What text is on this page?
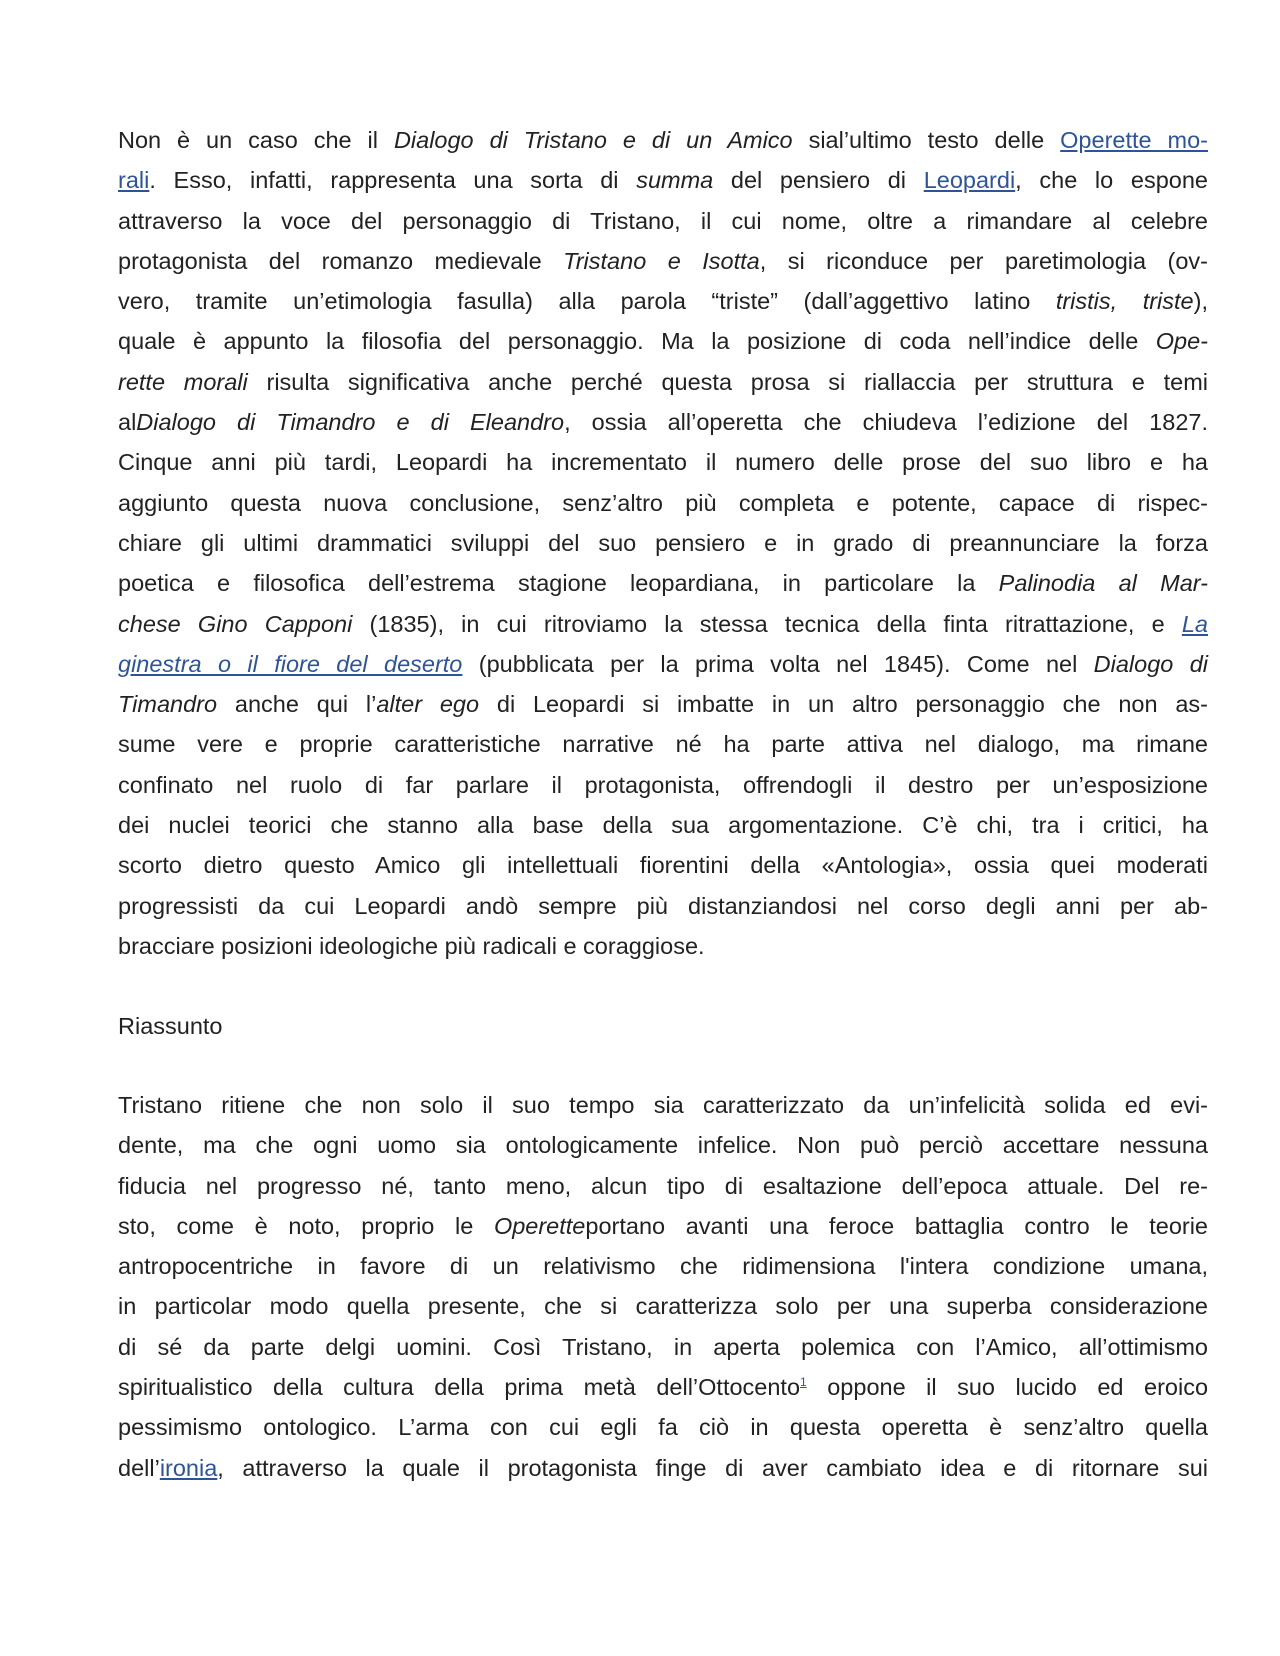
Non è un caso che il Dialogo di Tristano e di un Amico sial’ultimo testo delle Operette mo-
rali. Esso, infatti, rappresenta una sorta di summa del pensiero di Leopardi, che lo espone
attraverso la voce del personaggio di Tristano, il cui nome, oltre a rimandare al celebre
protagonista del romanzo medievale Tristano e Isotta, si riconduce per paretimologia (ov-
vero, tramite un’etimologia fasulla) alla parola “triste” (dall’aggettivo latino tristis, triste),
quale è appunto la filosofia del personaggio. Ma la posizione di coda nell’indice delle Ope-
rette morali risulta significativa anche perché questa prosa si riallaccia per struttura e temi
alDialogo di Timandro e di Eleandro, ossia all’operetta che chiudeva l’edizione del 1827.
Cinque anni più tardi, Leopardi ha incrementato il numero delle prose del suo libro e ha
aggiunto questa nuova conclusione, senz’altro più completa e potente, capace di rispec-
chiare gli ultimi drammatici sviluppi del suo pensiero e in grado di preannunciare la forza
poetica e filosofica dell’estrema stagione leopardiana, in particolare la Palinodia al Mar-
chese Gino Capponi (1835), in cui ritroviamo la stessa tecnica della finta ritrattazione, e La
ginestra o il fiore del deserto (pubblicata per la prima volta nel 1845). Come nel Dialogo di
Timandro anche qui l’alter ego di Leopardi si imbatte in un altro personaggio che non as-
sume vere e proprie caratteristiche narrative né ha parte attiva nel dialogo, ma rimane
confinato nel ruolo di far parlare il protagonista, offrendogli il destro per un’esposizione
dei nuclei teorici che stanno alla base della sua argomentazione. C’è chi, tra i critici, ha
scorto dietro questo Amico gli intellettuali fiorentini della «Antologia», ossia quei moderati
progressisti da cui Leopardi andò sempre più distanziandosi nel corso degli anni per ab-
bracciare posizioni ideologiche più radicali e coraggiose.
Riassunto
Tristano ritiene che non solo il suo tempo sia caratterizzato da un’infelicità solida ed evi-
dente, ma che ogni uomo sia ontologicamente infelice. Non può perciò accettare nessuna
fiducia nel progresso né, tanto meno, alcun tipo di esaltazione dell’epoca attuale. Del re-
sto, come è noto, proprio le Operetteportano avanti una feroce battaglia contro le teorie
antropocentriche in favore di un relativismo che ridimensiona l'intera condizione umana,
in particolar modo quella presente, che si caratterizza solo per una superba considerazione
di sé da parte delgi uomini. Così Tristano, in aperta polemica con l’Amico, all’ottimismo
spiritualistico della cultura della prima metà dell’Ottocento$^1$ oppone il suo lucido ed eroico
pessimismo ontologico. L’arma con cui egli fa ciò in questa operetta è senz’altro quella
dell’ironia, attraverso la quale il protagonista finge di aver cambiato idea e di ritornare sui
